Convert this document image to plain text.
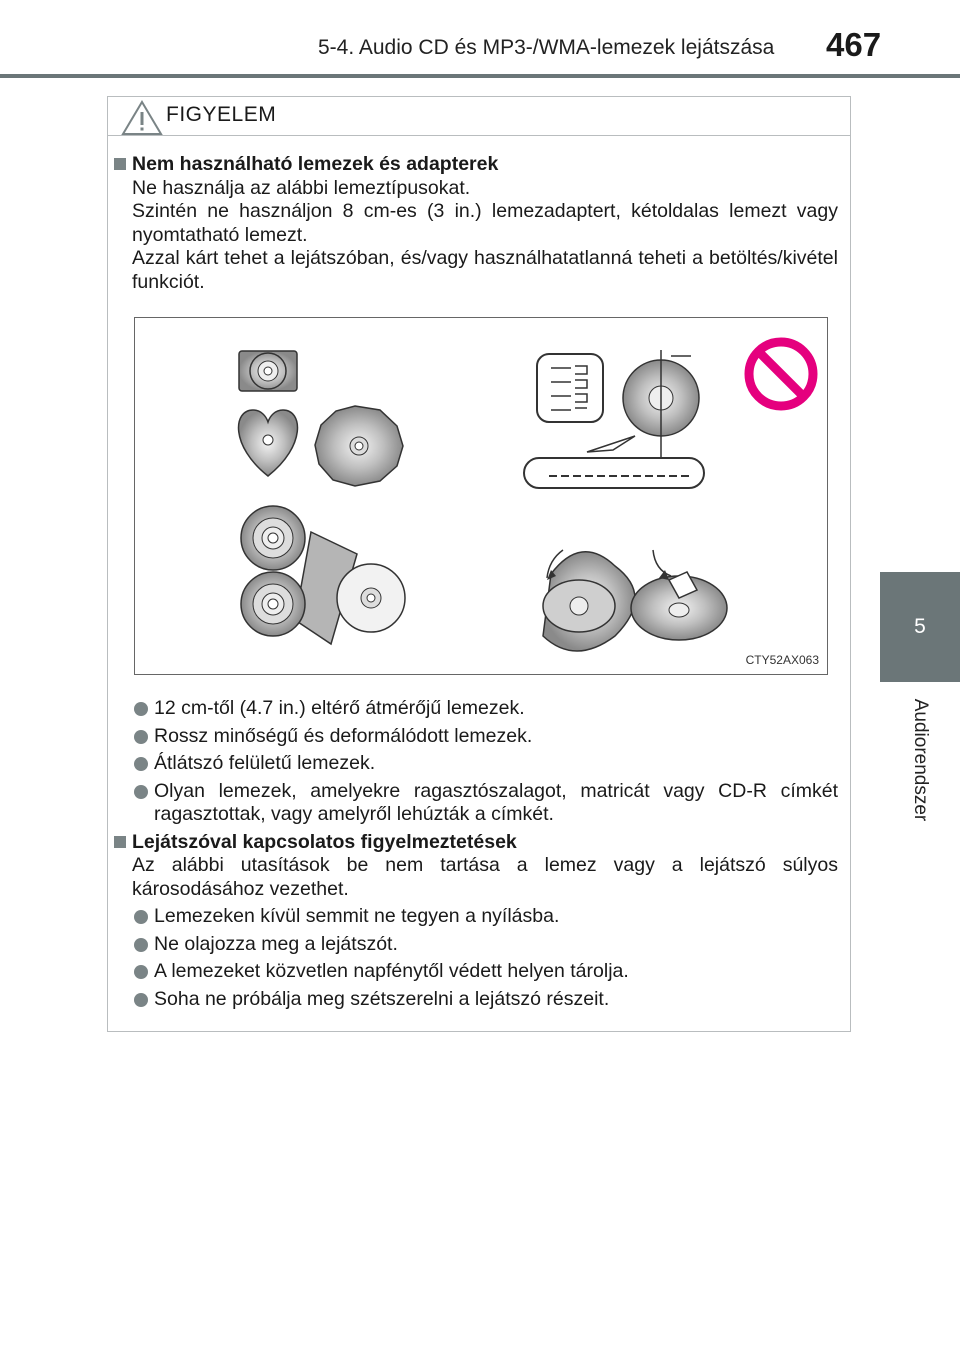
5-4. Audio CD és MP3-/WMA-lemezek lejátszása 467
5
Audiorendszer
FIGYELEM
Nem használható lemezek és adapterek
Ne használja az alábbi lemeztípusokat.
Szintén ne használjon 8 cm-es (3 in.) lemezadaptert, kétoldalas lemezt vagy nyomtatható lemezt.
Azzal kárt tehet a lejátszóban, és/vagy használhatatlanná teheti a betöltés/kivétel funkciót.
CTY52AX063
12 cm-től (4.7 in.) eltérő átmérőjű lemezek.
Rossz minőségű és deformálódott lemezek.
Átlátszó felületű lemezek.
Olyan lemezek, amelyekre ragasztószalagot, matricát vagy CD-R címkét ragasztottak, vagy amelyről lehúzták a címkét.
Lejátszóval kapcsolatos figyelmeztetések
Az alábbi utasítások be nem tartása a lemez vagy a lejátszó súlyos károsodásához vezethet.
Lemezeken kívül semmit ne tegyen a nyílásba.
Ne olajozza meg a lejátszót.
A lemezeket közvetlen napfénytől védett helyen tárolja.
Soha ne próbálja meg szétszerelni a lejátszó részeit.
